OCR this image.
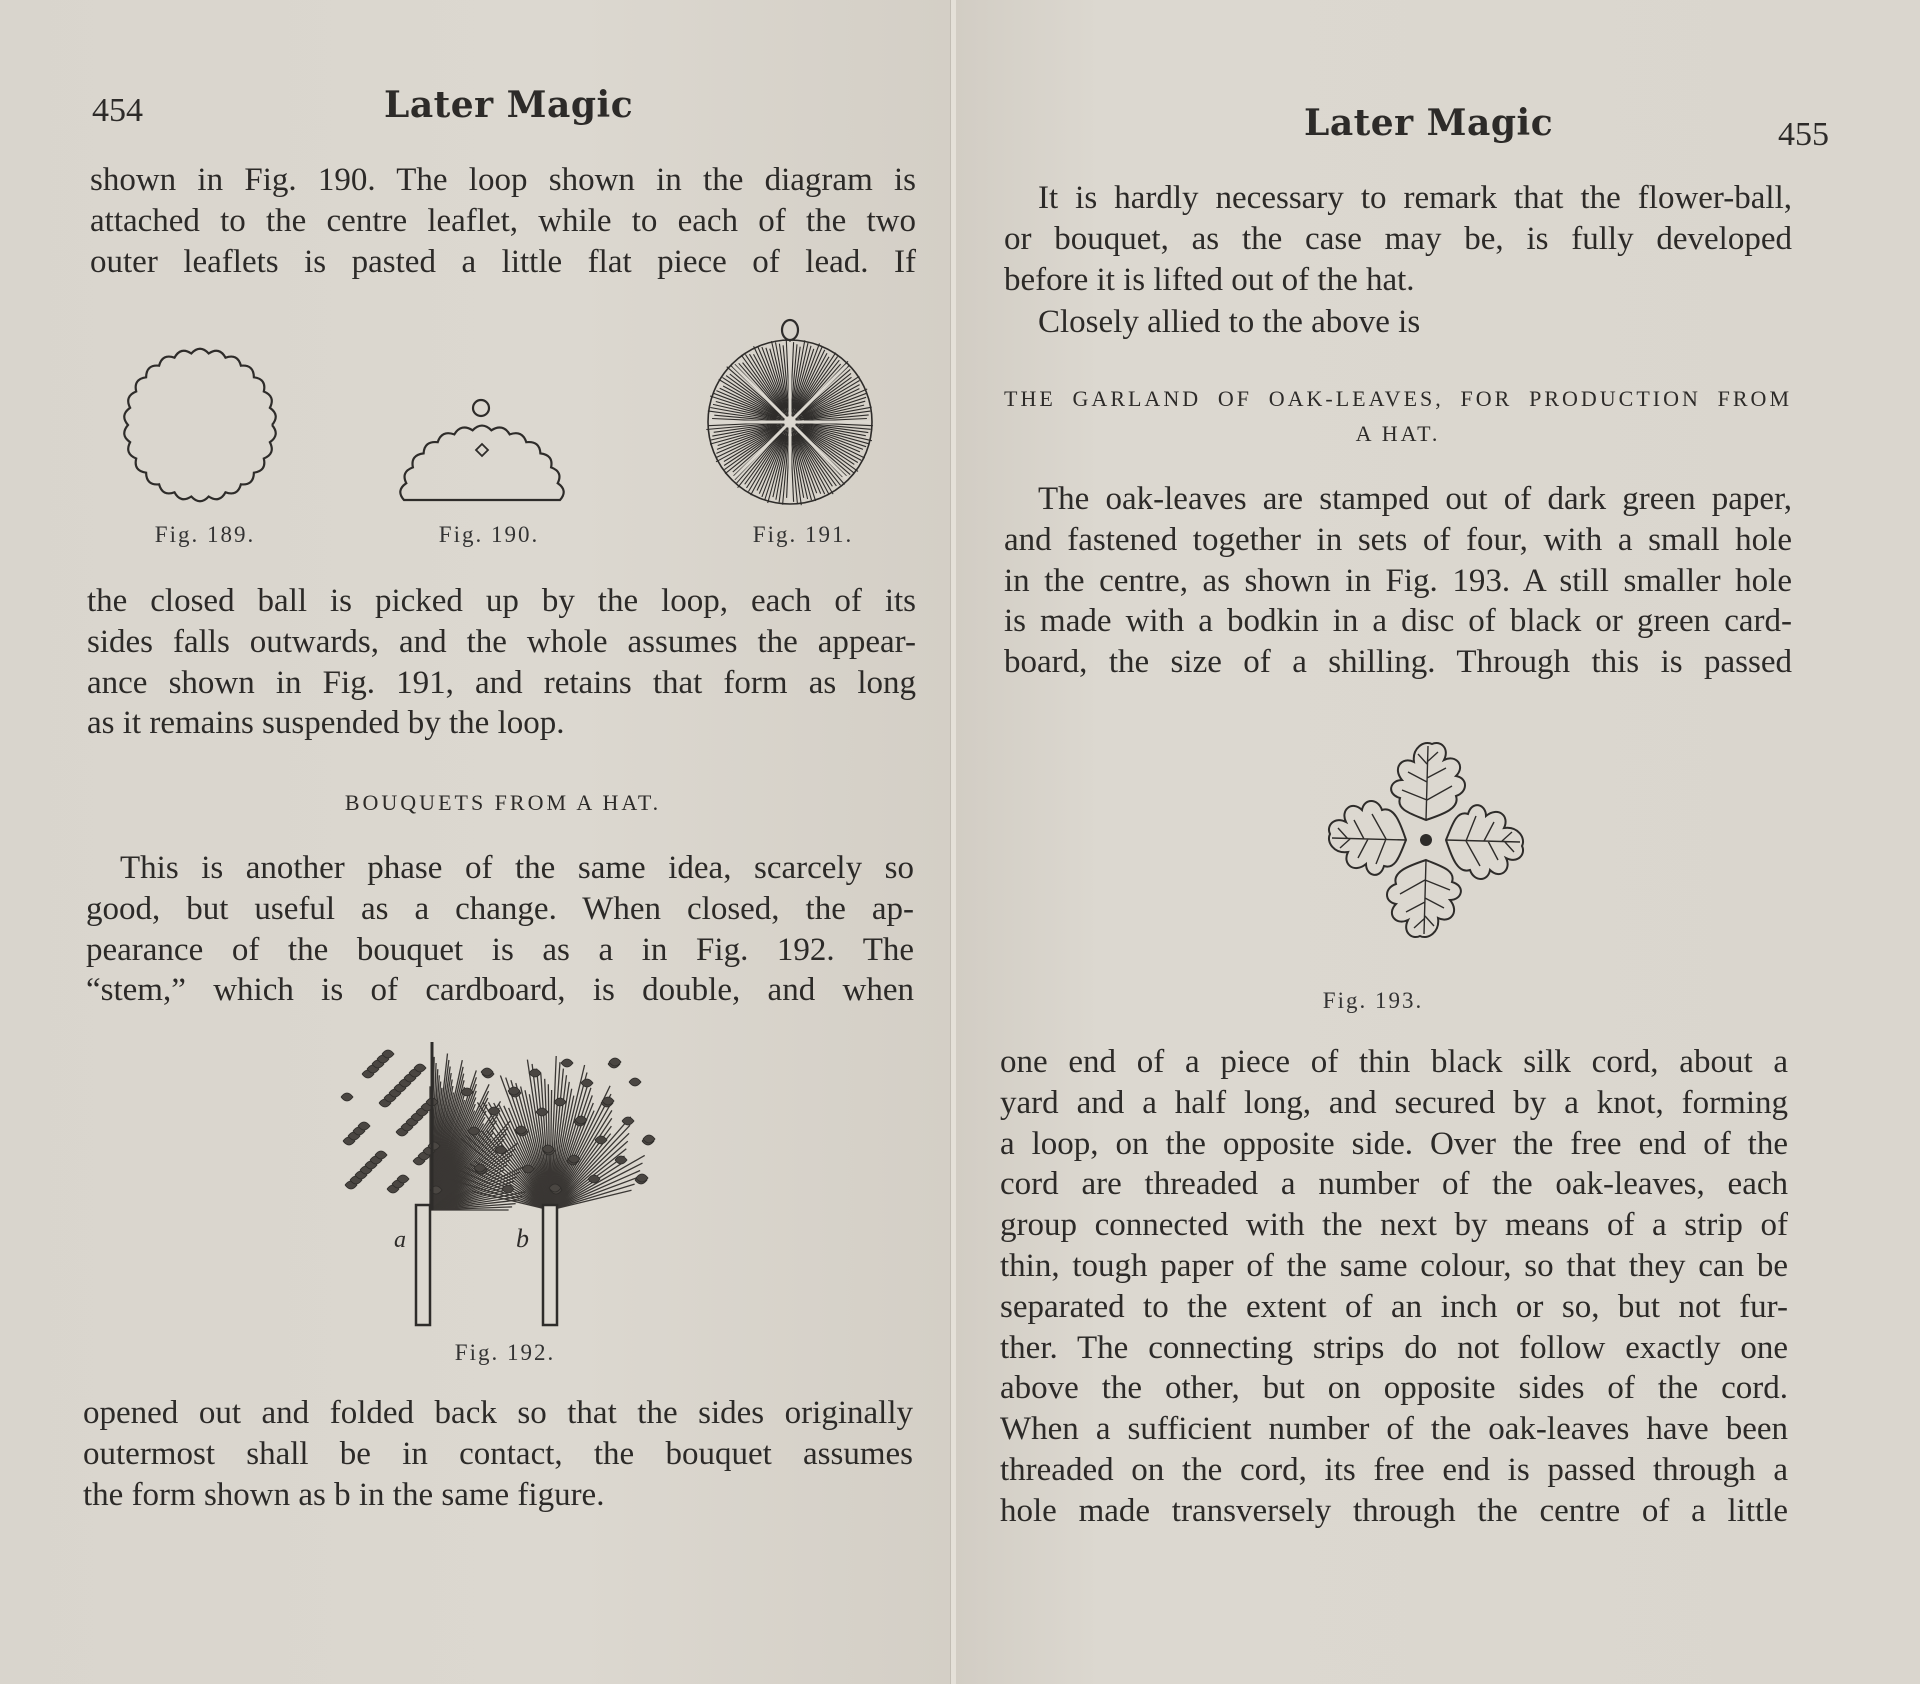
454	Later Magic
shown in Fig. 190. The loop shown in the diagram is
attached to the centre leaflet, while to each of the two
outer leaflets is pasted a little flat piece of lead. If
Fig. 189.	Fig. 190.	Fig. 191.
the closed ball is picked up by the loop, each of its
sides falls outwards, and the whole assumes the appear-
ance shown in Fig. 191, and retains that form as long
as it remains suspended by the loop.
BOUQUETS FROM A HAT.
This is another phase of the same idea, scarcely so
good, but useful as a change. When closed, the ap-
pearance of the bouquet is as a in Fig. 192. The
“stem,” which is of cardboard, is double, and when
a	b
Fig. 192.
opened out and folded back so that the sides originally
outermost shall be in contact, the bouquet assumes
the form shown as b in the same figure.
Later Magic	455
It is hardly necessary to remark that the flower-ball,
or bouquet, as the case may be, is fully developed
before it is lifted out of the hat.
Closely allied to the above is
THE GARLAND OF OAK-LEAVES, FOR PRODUCTION FROM
A HAT.
The oak-leaves are stamped out of dark green paper,
and fastened together in sets of four, with a small hole
in the centre, as shown in Fig. 193. A still smaller hole
is made with a bodkin in a disc of black or green card-
board, the size of a shilling. Through this is passed
Fig. 193.
one end of a piece of thin black silk cord, about a
yard and a half long, and secured by a knot, forming
a loop, on the opposite side. Over the free end of the
cord are threaded a number of the oak-leaves, each
group connected with the next by means of a strip of
thin, tough paper of the same colour, so that they can be
separated to the extent of an inch or so, but not fur-
ther. The connecting strips do not follow exactly one
above the other, but on opposite sides of the cord.
When a sufficient number of the oak-leaves have been
threaded on the cord, its free end is passed through a
hole made transversely through the centre of a little
